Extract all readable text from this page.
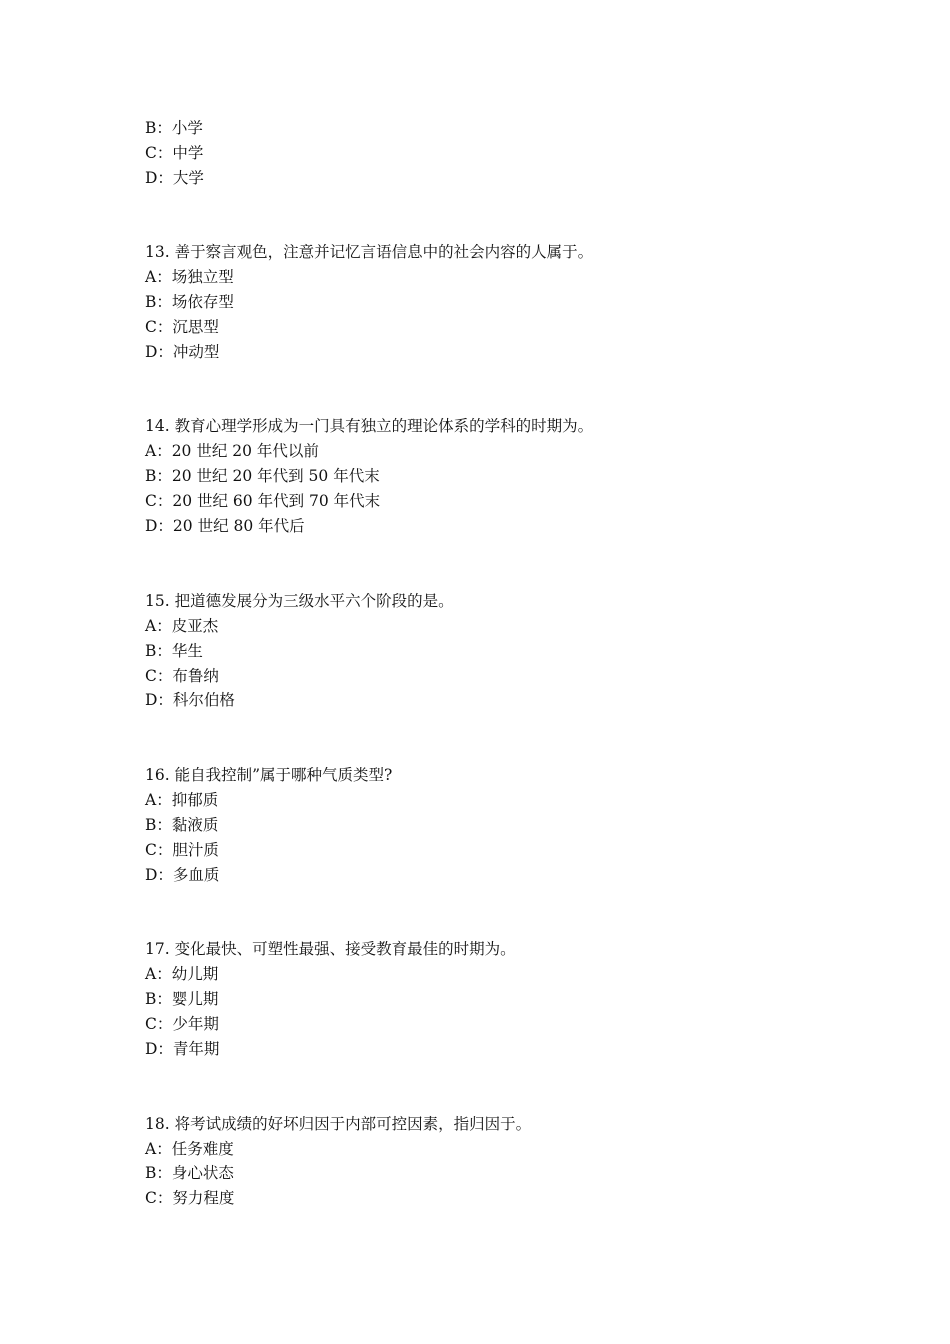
B：小学
C：中学
D：大学
13. 善于察言观色，注意并记忆言语信息中的社会内容的人属于。
A：场独立型
B：场依存型
C：沉思型
D：冲动型
14. 教育心理学形成为一门具有独立的理论体系的学科的时期为。
A：20 世纪 20 年代以前
B：20 世纪 20 年代到 50 年代末
C：20 世纪 60 年代到 70 年代末
D：20 世纪 80 年代后
15. 把道德发展分为三级水平六个阶段的是。
A：皮亚杰
B：华生
C：布鲁纳
D：科尔伯格
16. 能自我控制”属于哪种气质类型?
A：抑郁质
B：黏液质
C：胆汁质
D：多血质
17. 变化最快、可塑性最强、接受教育最佳的时期为。
A：幼儿期
B：婴儿期
C：少年期
D：青年期
18. 将考试成绩的好坏归因于内部可控因素，指归因于。
A：任务难度
B：身心状态
C：努力程度
